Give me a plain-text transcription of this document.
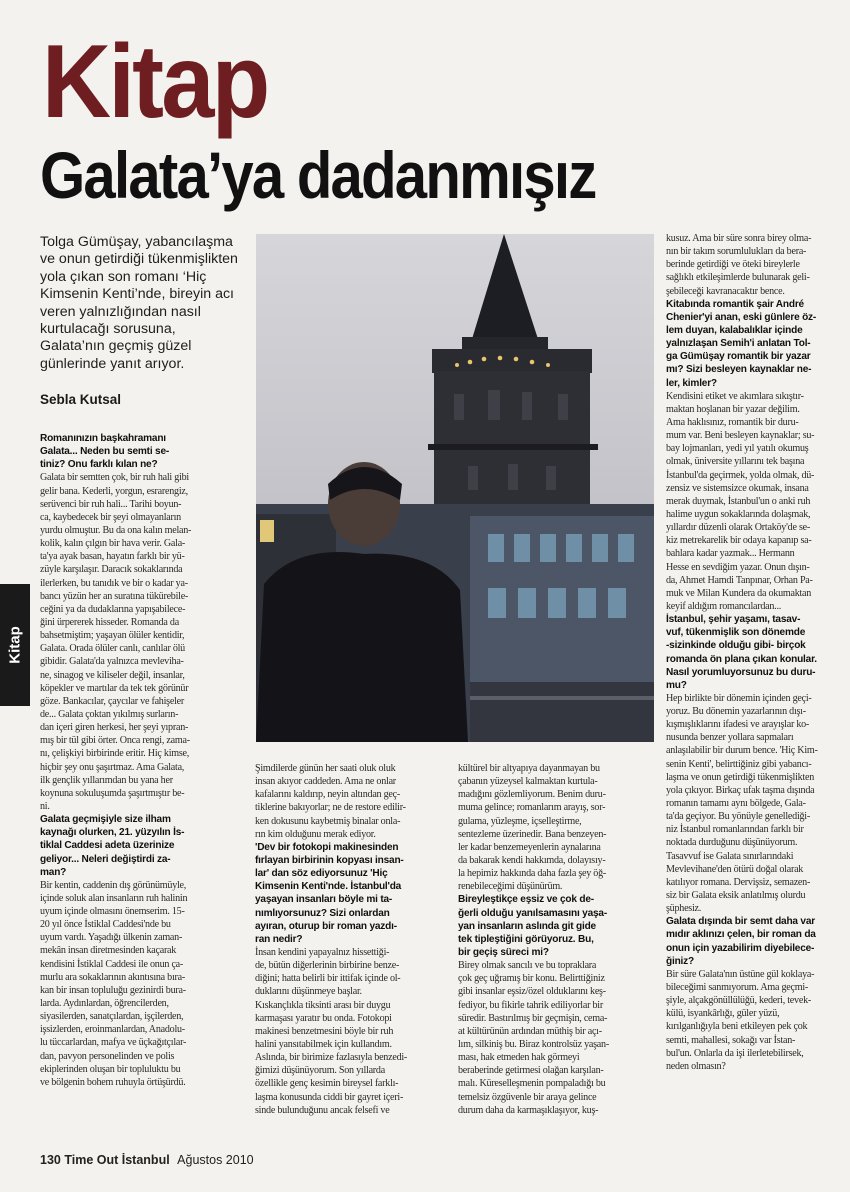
Kitap
Galata’ya dadanmışız
Kitap
Tolga Gümüşay, yabancılaşma ve onun getirdiği tükenmişlikten yola çıkan son romanı ‘Hiç Kimsenin Kenti’nde, bireyin acı veren yalnızlığından nasıl kurtulacağı sorusuna, Galata’nın geçmiş güzel günlerinde yanıt arıyor.
Sebla Kutsal
Romanınızın başkahramanı
Galata... Neden bu semti se-
tiniz? Onu farklı kılan ne?
Galata bir semtten çok, bir ruh hali gibi
gelir bana. Kederli, yorgun, esrarengiz,
serüvenci bir ruh hali... Tarihi boyun-
ca, kaybedecek bir şeyi olmayanların
yurdu olmuştur. Bu da ona kalın melan-
kolik, kalın çılgın bir hava verir. Gala-
ta'ya ayak basan, hayatın farklı bir yü-
züyle karşılaşır. Daracık sokaklarında
ilerlerken, bu tanıdık ve bir o kadar ya-
bancı yüzün her an suratına tükürebile-
ceğini ya da dudaklarına yapışabilece-
ğini ürpererek hisseder. Romanda da
bahsetmiştim; yaşayan ölüler kentidir,
Galata. Orada ölüler canlı, canlılar ölü
gibidir. Galata'da yalnızca mevleviha-
ne, sinagog ve kiliseler değil, insanlar,
köpekler ve martılar da tek tek görünür
göze. Bankacılar, çaycılar ve fahişeler
de... Galata çoktan yıkılmış surların-
dan içeri giren herkesi, her şeyi yıpran-
mış bir tül gibi örter. Onca rengi, zama-
nı, çelişkiyi birbirinde eritir. Hiç kimse,
hiçbir şey onu şaşırtmaz. Ama Galata,
ilk gençlik yıllarımdan bu yana her
koynuna sokuluşumda şaşırtmıştır be-
ni.
Galata geçmişiyle size ilham
kaynağı olurken, 21. yüzyılın İs-
tiklal Caddesi adeta üzerinize
geliyor... Neleri değiştirdi za-
man?
Bir kentin, caddenin dış görünümüyle,
içinde soluk alan insanların ruh halinin
uyum içinde olmasını önemserim. 15-
20 yıl önce İstiklal Caddesi'nde bu
uyum vardı. Yaşadığı ülkenin zaman-
mekân insan diretmesinden kaçarak
kendisini İstiklal Caddesi ile onun ça-
murlu ara sokaklarının akıntısına bıra-
kan bir insan topluluğu gezinirdi bura-
larda. Aydınlardan, öğrencilerden,
siyasilerden, sanatçılardan, işçilerden,
işsizlerden, eroinmanlardan, Anadolu-
lu tüccarlardan, mafya ve üçkağıtçılar-
dan, pavyon personelinden ve polis
ekiplerinden oluşan bir topluluktu bu
ve bölgenin bohem ruhuyla örtüşürdü.
Şimdilerde günün her saati oluk oluk
insan akıyor caddeden. Ama ne onlar
kafalarını kaldırıp, neyin altından geç-
tiklerine bakıyorlar; ne de restore edilir-
ken dokusunu kaybetmiş binalar onla-
rın kim olduğunu merak ediyor.
'Dev bir fotokopi makinesinden
fırlayan birbirinin kopyası insan-
lar' dan söz ediyorsunuz 'Hiç
Kimsenin Kenti'nde. İstanbul'da
yaşayan insanları böyle mi ta-
nımlıyorsunuz? Sizi onlardan
ayıran, oturup bir roman yazdı-
ran nedir?
İnsan kendini yapayalnız hissettiği-
de, bütün diğerlerinin birbirine benze-
diğini; hatta belirli bir ittifak içinde ol-
duklarını düşünmeye başlar.
Kıskançlıkla tiksinti arası bir duygu
karmaşası yaratır bu onda. Fotokopi
makinesi benzetmesini böyle bir ruh
halini yansıtabilmek için kullandım.
Aslında, bir birimize fazlasıyla benzedi-
ğimizi düşünüyorum. Son yıllarda
özellikle genç kesimin bireysel farklı-
laşma konusunda ciddi bir gayret içeri-
sinde bulunduğunu ancak felsefi ve
kültürel bir altyapıya dayanmayan bu
çabanın yüzeysel kalmaktan kurtula-
madığını gözlemliyorum. Benim duru-
muma gelince; romanlarım arayış, sor-
gulama, yüzleşme, içselleştirme,
sentezleme üzerinedir. Bana benzeyen-
ler kadar benzemeyenlerin aynalarına
da bakarak kendi hakkımda, dolayısıy-
la hepimiz hakkında daha fazla şey öğ-
renebileceğimi düşünürüm.
Bireyleştikçe eşsiz ve çok de-
ğerli olduğu yanılsamasını yaşa-
yan insanların aslında git gide
tek tipleştiğini görüyoruz. Bu,
bir geçiş süreci mi?
Birey olmak sancılı ve bu topraklara
çok geç uğramış bir konu. Belirttiğiniz
gibi insanlar eşsiz/özel olduklarını keş-
fediyor, bu fikirle tahrik ediliyorlar bir
süredir. Bastırılmış bir geçmişin, cema-
at kültürünün ardından müthiş bir açı-
lım, silkiniş bu. Biraz kontrolsüz yaşan-
ması, hak etmeden hak görmeyi
beraberinde getirmesi olağan karşılan-
malı. Küreselleşmenin pompaladığı bu
temelsiz özgüvenle bir araya gelince
durum daha da karmaşıklaşıyor, kuş-
kusuz. Ama bir süre sonra birey olma-
nın bir takım sorumlulukları da bera-
berinde getirdiği ve öteki bireylerle
sağlıklı etkileşimlerde bulunarak geli-
şebileceği kavranacaktır bence.
Kitabında romantik şair André
Chenier'yi anan, eski günlere öz-
lem duyan, kalabalıklar içinde
yalnızlaşan Semih'i anlatan Tol-
ga Gümüşay romantik bir yazar
mı? Sizi besleyen kaynaklar ne-
ler, kimler?
Kendisini etiket ve akımlara sıkıştır-
maktan hoşlanan bir yazar değilim.
Ama haklısınız, romantik bir duru-
mum var. Beni besleyen kaynaklar; su-
bay lojmanları, yedi yıl yatılı okumuş
olmak, üniversite yıllarını tek başına
İstanbul'da geçirmek, yolda olmak, dü-
zensiz ve sistemsizce okumak, insana
merak duymak, İstanbul'un o anki ruh
halime uygun sokaklarında dolaşmak,
yıllardır düzenli olarak Ortaköy'de se-
kiz metrekarelik bir odaya kapanıp sa-
bahlara kadar yazmak... Hermann
Hesse en sevdiğim yazar. Onun dışın-
da, Ahmet Hamdi Tanpınar, Orhan Pa-
muk ve Milan Kundera da okumaktan
keyif aldığım romancılardan...
İstanbul, şehir yaşamı, tasav-
vuf, tükenmişlik son dönemde
-sizinkinde olduğu gibi- birçok
romanda ön plana çıkan konular.
Nasıl yorumluyorsunuz bu duru-
mu?
Hep birlikte bir dönemin içinden geçi-
yoruz. Bu dönemin yazarlarının dışı-
kışmışlıklarını ifadesi ve arayışlar ko-
nusunda benzer yollara sapmaları
anlaşılabilir bir durum bence. 'Hiç Kim-
senin Kenti', belirttiğiniz gibi yabancı-
laşma ve onun getirdiği tükenmişlikten
yola çıkıyor. Birkaç ufak taşma dışında
romanın tamamı aynı bölgede, Gala-
ta'da geçiyor. Bu yönüyle genellediği-
niz İstanbul romanlarından farklı bir
noktada durduğunu düşünüyorum.
Tasavvuf ise Galata sınırlarındaki
Mevlevihane'den ötürü doğal olarak
katılıyor romana. Dervişsiz, semazen-
siz bir Galata eksik anlatılmış olurdu
şüphesiz.
Galata dışında bir semt daha var
mıdır aklınızı çelen, bir roman da
onun için yazabilirim diyebilece-
ğiniz?
Bir süre Galata'nın üstüne gül koklaya-
bileceğimi sanmıyorum. Ama geçmi-
şiyle, alçakgönüllülüğü, kederi, tevek-
külü, isyankârlığı, güler yüzü,
kırılganlığıyla beni etkileyen pek çok
semti, mahallesi, sokağı var İstan-
bul'un. Onlarla da işi ilerletebilirsek,
neden olmasın?
130 Time Out İstanbul Ağustos 2010
